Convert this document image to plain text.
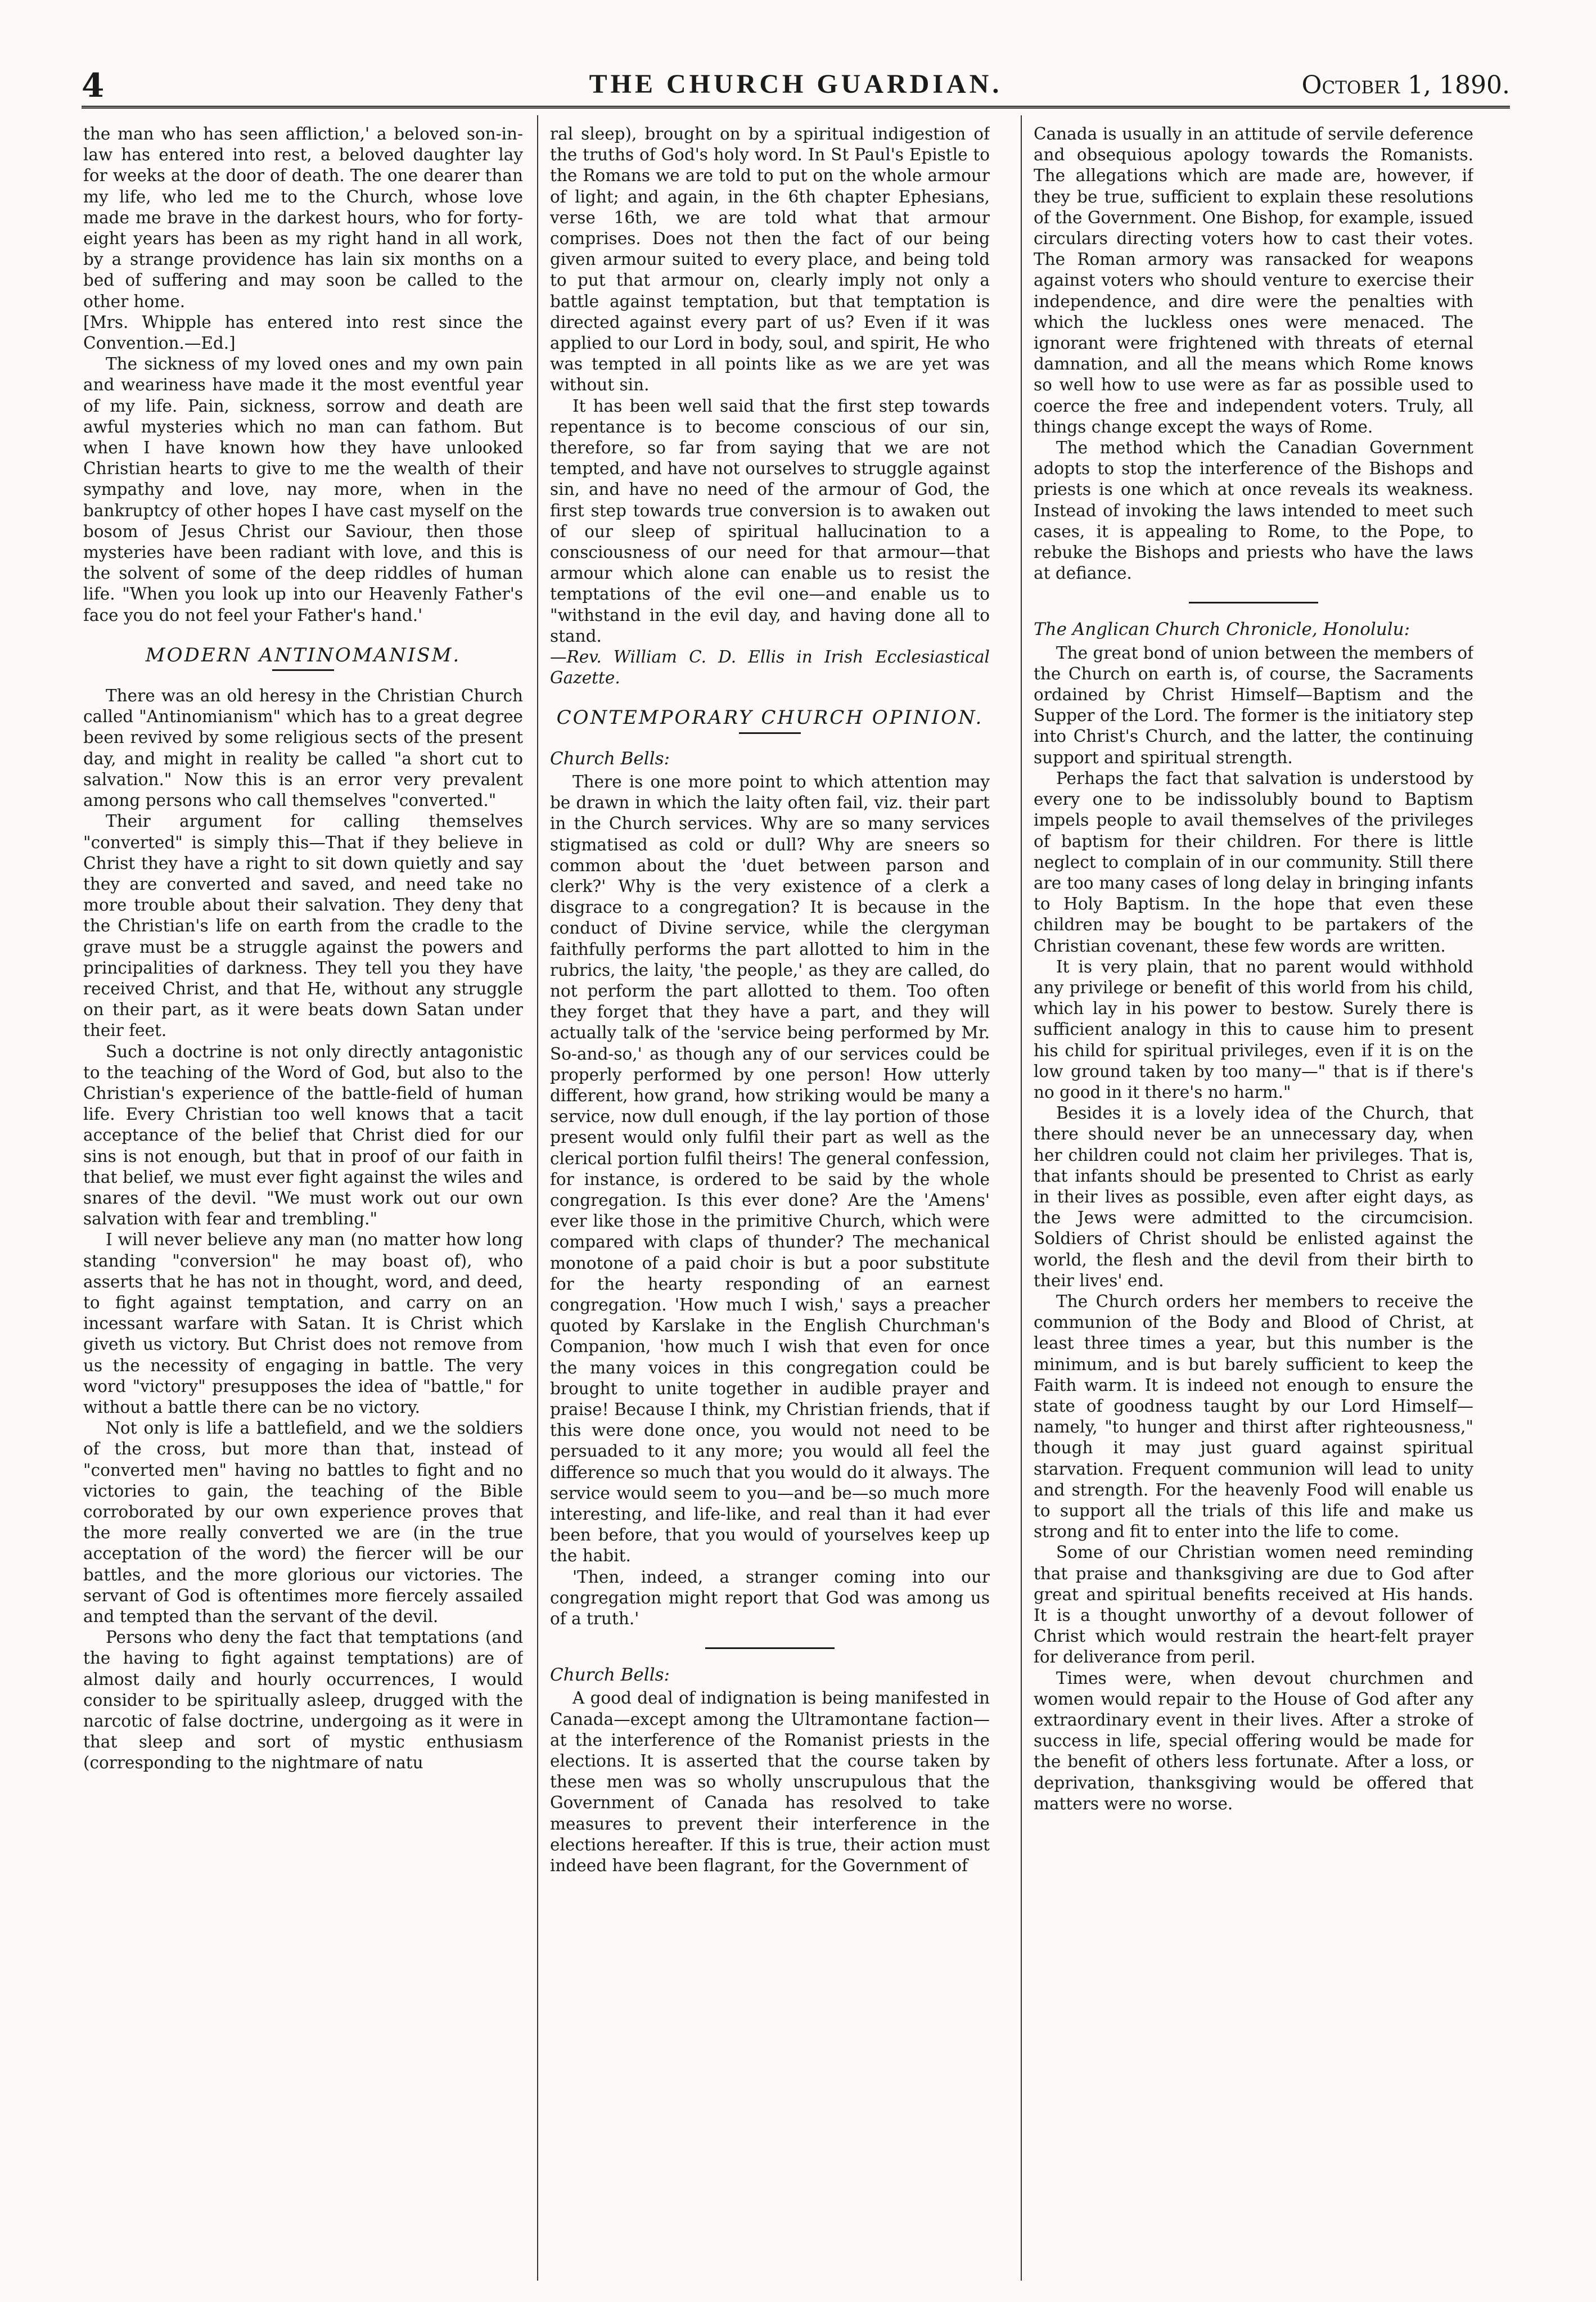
4	THE CHURCH GUARDIAN.	October 1, 1890.

the man who has seen affliction,' a beloved son-in-law has entered into rest, a beloved daughter lay for weeks at the door of death. The one dearer than my life, who led me to the Church, whose love made me brave in the darkest hours, who for forty-eight years has been as my right hand in all work, by a strange providence has lain six months on a bed of suffering and may soon be called to the other home.

[Mrs. Whipple has entered into rest since the Convention.—Ed.]

The sickness of my loved ones and my own pain and weariness have made it the most eventful year of my life. Pain, sickness, sorrow and death are awful mysteries which no man can fathom. But when I have known how they have unlooked Christian hearts to give to me the wealth of their sympathy and love, nay more, when in the bankruptcy of other hopes I have cast myself on the bosom of Jesus Christ our Saviour, then those mysteries have been radiant with love, and this is the solvent of some of the deep riddles of human life. "When you look up into our Heavenly Father's face you do not feel your Father's hand.'

MODERN ANTINOMANISM.

There was an old heresy in the Christian Church called "Antinomianism" which has to a great degree been revived by some religious sects of the present day, and might in reality be called "a short cut to salvation." Now this is an error very prevalent among persons who call themselves "converted."

Their argument for calling themselves "converted" is simply this—That if they believe in Christ they have a right to sit down quietly and say they are converted and saved, and need take no more trouble about their salvation. They deny that the Christian's life on earth from the cradle to the grave must be a struggle against the powers and principalities of darkness. They tell you they have received Christ, and that He, without any struggle on their part, as it were beats down Satan under their feet.

Such a doctrine is not only directly antagonistic to the teaching of the Word of God, but also to the Christian's experience of the battle-field of human life. Every Christian too well knows that a tacit acceptance of the belief that Christ died for our sins is not enough, but that in proof of our faith in that belief, we must ever fight against the wiles and snares of the devil. "We must work out our own salvation with fear and trembling."

I will never believe any man (no matter how long standing "conversion" he may boast of), who asserts that he has not in thought, word, and deed, to fight against temptation, and carry on an incessant warfare with Satan. It is Christ which giveth us victory. But Christ does not remove from us the necessity of engaging in battle. The very word "victory" presupposes the idea of "battle," for without a battle there can be no victory.

Not only is life a battlefield, and we the soldiers of the cross, but more than that, instead of "converted men" having no battles to fight and no victories to gain, the teaching of the Bible corroborated by our own experience proves that the more really converted we are (in the true acceptation of the word) the fiercer will be our battles, and the more glorious our victories. The servant of God is oftentimes more fiercely assailed and tempted than the servant of the devil.

Persons who deny the fact that temptations (and the having to fight against temptations) are of almost daily and hourly occurrences, I would consider to be spiritually asleep, drugged with the narcotic of false doctrine, undergoing as it were in that sleep and sort of mystic enthusiasm (corresponding to the nightmare of natu

ral sleep), brought on by a spiritual indigestion of the truths of God's holy word. In St Paul's Epistle to the Romans we are told to put on the whole armour of light; and again, in the 6th chapter Ephesians, verse 16th, we are told what that armour comprises. Does not then the fact of our being given armour suited to every place, and being told to put that armour on, clearly imply not only a battle against temptation, but that temptation is directed against every part of us? Even if it was applied to our Lord in body, soul, and spirit, He who was tempted in all points like as we are yet was without sin.

It has been well said that the first step towards repentance is to become conscious of our sin, therefore, so far from saying that we are not tempted, and have not ourselves to struggle against sin, and have no need of the armour of God, the first step towards true conversion is to awaken out of our sleep of spiritual hallucination to a consciousness of our need for that armour—that armour which alone can enable us to resist the temptations of the evil one—and enable us to "withstand in the evil day, and having done all to stand.

—Rev. William C. D. Ellis in Irish Ecclesiastical Gazette.

CONTEMPORARY CHURCH OPINION.
Church Bells:

There is one more point to which attention may be drawn in which the laity often fail, viz. their part in the Church services. Why are so many services stigmatised as cold or dull? Why are sneers so common about the 'duet between parson and clerk?' Why is the very existence of a clerk a disgrace to a congregation? It is because in the conduct of Divine service, while the clergyman faithfully performs the part allotted to him in the rubrics, the laity, 'the people,' as they are called, do not perform the part allotted to them. Too often they forget that they have a part, and they will actually talk of the 'service being performed by Mr. So-and-so,' as though any of our services could be properly performed by one person! How utterly different, how grand, how striking would be many a service, now dull enough, if the lay portion of those present would only fulfil their part as well as the clerical portion fulfil theirs! The general confession, for instance, is ordered to be said by the whole congregation. Is this ever done? Are the 'Amens' ever like those in the primitive Church, which were compared with claps of thunder? The mechanical monotone of a paid choir is but a poor substitute for the hearty responding of an earnest congregation. 'How much I wish,' says a preacher quoted by Karslake in the English Churchman's Companion, 'how much I wish that even for once the many voices in this congregation could be brought to unite together in audible prayer and praise! Because I think, my Christian friends, that if this were done once, you would not need to be persuaded to it any more; you would all feel the difference so much that you would do it always. The service would seem to you—and be—so much more interesting, and life-like, and real than it had ever been before, that you would of yourselves keep up the habit.

'Then, indeed, a stranger coming into our congregation might report that God was among us of a truth.'

Church Bells:

A good deal of indignation is being manifested in Canada—except among the Ultramontane faction—at the interference of the Romanist priests in the elections. It is asserted that the course taken by these men was so wholly unscrupulous that the Government of Canada has resolved to take measures to prevent their interference in the elections hereafter. If this is true, their action must indeed have been flagrant, for the Government of

Canada is usually in an attitude of servile deference and obsequious apology towards the Romanists. The allegations which are made are, however, if they be true, sufficient to explain these resolutions of the Government. One Bishop, for example, issued circulars directing voters how to cast their votes. The Roman armory was ransacked for weapons against voters who should venture to exercise their independence, and dire were the penalties with which the luckless ones were menaced. The ignorant were frightened with threats of eternal damnation, and all the means which Rome knows so well how to use were as far as possible used to coerce the free and independent voters. Truly, all things change except the ways of Rome.

The method which the Canadian Government adopts to stop the interference of the Bishops and priests is one which at once reveals its weakness. Instead of invoking the laws intended to meet such cases, it is appealing to Rome, to the Pope, to rebuke the Bishops and priests who have the laws at defiance.

The Anglican Church Chronicle, Honolulu:

The great bond of union between the members of the Church on earth is, of course, the Sacraments ordained by Christ Himself—Baptism and the Supper of the Lord. The former is the initiatory step into Christ's Church, and the latter, the continuing support and spiritual strength.

Perhaps the fact that salvation is understood by every one to be indissolubly bound to Baptism impels people to avail themselves of the privileges of baptism for their children. For there is little neglect to complain of in our community. Still there are too many cases of long delay in bringing infants to Holy Baptism. In the hope that even these children may be bought to be partakers of the Christian covenant, these few words are written.

It is very plain, that no parent would withhold any privilege or benefit of this world from his child, which lay in his power to bestow. Surely there is sufficient analogy in this to cause him to present his child for spiritual privileges, even if it is on the low ground taken by too many—" that is if there's no good in it there's no harm."

Besides it is a lovely idea of the Church, that there should never be an unnecessary day, when her children could not claim her privileges. That is, that infants should be presented to Christ as early in their lives as possible, even after eight days, as the Jews were admitted to the circumcision. Soldiers of Christ should be enlisted against the world, the flesh and the devil from their birth to their lives' end.

The Church orders her members to receive the communion of the Body and Blood of Christ, at least three times a year, but this number is the minimum, and is but barely sufficient to keep the Faith warm. It is indeed not enough to ensure the state of goodness taught by our Lord Himself—namely, "to hunger and thirst after righteousness," though it may just guard against spiritual starvation. Frequent communion will lead to unity and strength. For the heavenly Food will enable us to support all the trials of this life and make us strong and fit to enter into the life to come.

Some of our Christian women need reminding that praise and thanksgiving are due to God after great and spiritual benefits received at His hands. It is a thought unworthy of a devout follower of Christ which would restrain the heart-felt prayer for deliverance from peril.

Times were, when devout churchmen and women would repair to the House of God after any extraordinary event in their lives. After a stroke of success in life, special offering would be made for the benefit of others less fortunate. After a loss, or deprivation, thanksgiving would be offered that matters were no worse.
